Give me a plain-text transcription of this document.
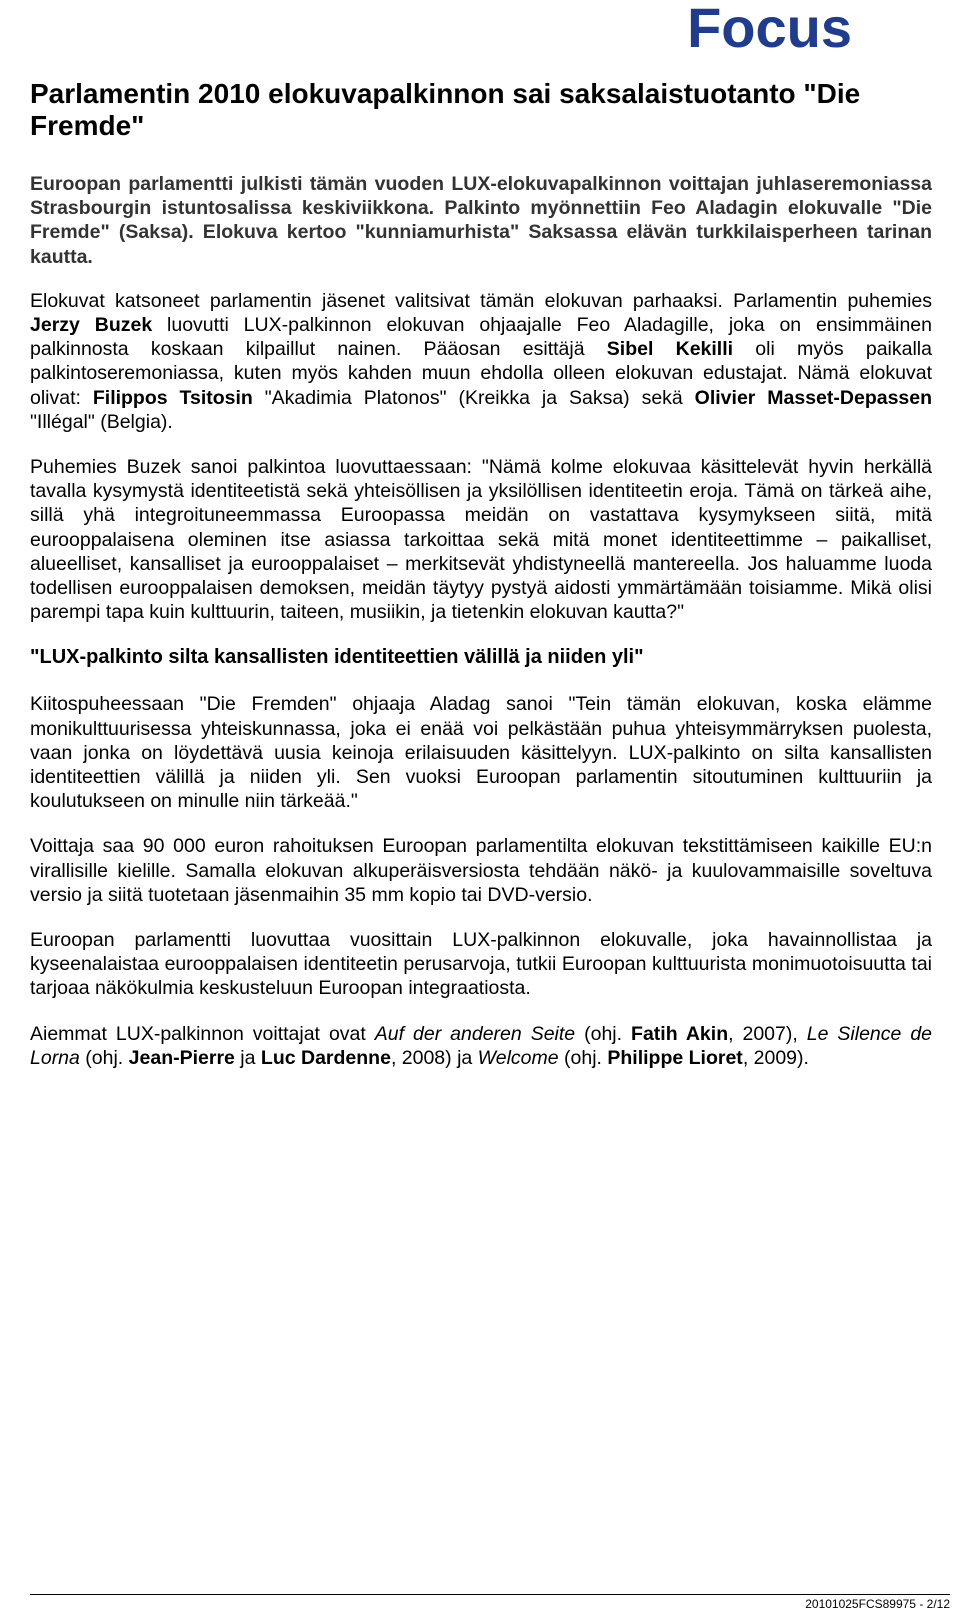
Focus
Parlamentin 2010 elokuvapalkinnon sai saksalaistuotanto "Die Fremde"

Euroopan parlamentti julkisti tämän vuoden LUX-elokuvapalkinnon voittajan juhlaseremoniassa Strasbourgin istuntosalissa keskiviikkona. Palkinto myönnettiin Feo Aladagin elokuvalle "Die Fremde" (Saksa). Elokuva kertoo "kunniamurhista" Saksassa elävän turkkilaisperheen tarinan kautta.

Elokuvat katsoneet parlamentin jäsenet valitsivat tämän elokuvan parhaaksi. Parlamentin puhemies Jerzy Buzek luovutti LUX-palkinnon elokuvan ohjaajalle Feo Aladagille, joka on ensimmäinen palkinnosta koskaan kilpaillut nainen. Pääosan esittäjä Sibel Kekilli oli myös paikalla palkintoseremoniassa, kuten myös kahden muun ehdolla olleen elokuvan edustajat. Nämä elokuvat olivat: Filippos Tsitosin "Akadimia Platonos" (Kreikka ja Saksa) sekä Olivier Masset-Depassen "Illégal" (Belgia).

Puhemies Buzek sanoi palkintoa luovuttaessaan: "Nämä kolme elokuvaa käsittelevät hyvin herkällä tavalla kysymystä identiteetistä sekä yhteisöllisen ja yksilöllisen identiteetin eroja. Tämä on tärkeä aihe, sillä yhä integroituneemmassa Euroopassa meidän on vastattava kysymykseen siitä, mitä eurooppalaisena oleminen itse asiassa tarkoittaa sekä mitä monet identiteettimme – paikalliset, alueelliset, kansalliset ja eurooppalaiset – merkitsevät yhdistyneellä mantereella. Jos haluamme luoda todellisen eurooppalaisen demoksen, meidän täytyy pystyä aidosti ymmärtämään toisiamme. Mikä olisi parempi tapa kuin kulttuurin, taiteen, musiikin, ja tietenkin elokuvan kautta?"

"LUX-palkinto silta kansallisten identiteettien välillä ja niiden yli"

Kiitospuheessaan "Die Fremden" ohjaaja Aladag sanoi "Tein tämän elokuvan, koska elämme monikulttuurisessa yhteiskunnassa, joka ei enää voi pelkästään puhua yhteisymmärryksen puolesta, vaan jonka on löydettävä uusia keinoja erilaisuuden käsittelyyn. LUX-palkinto on silta kansallisten identiteettien välillä ja niiden yli. Sen vuoksi Euroopan parlamentin sitoutuminen kulttuuriin ja koulutukseen on minulle niin tärkeää."

Voittaja saa 90 000 euron rahoituksen Euroopan parlamentilta elokuvan tekstittämiseen kaikille EU:n virallisille kielille. Samalla elokuvan alkuperäisversiosta tehdään näkö- ja kuulovammaisille soveltuva versio ja siitä tuotetaan jäsenmaihin 35 mm kopio tai DVD-versio.

Euroopan parlamentti luovuttaa vuosittain LUX-palkinnon elokuvalle, joka havainnollistaa ja kyseenalaistaa eurooppalaisen identiteetin perusarvoja, tutkii Euroopan kulttuurista monimuotoisuutta tai tarjoaa näkökulmia keskusteluun Euroopan integraatiosta.

Aiemmat LUX-palkinnon voittajat ovat Auf der anderen Seite (ohj. Fatih Akin, 2007), Le Silence de Lorna (ohj. Jean-Pierre ja Luc Dardenne, 2008) ja Welcome (ohj. Philippe Lioret, 2009).

20101025FCS89975 - 2/12
